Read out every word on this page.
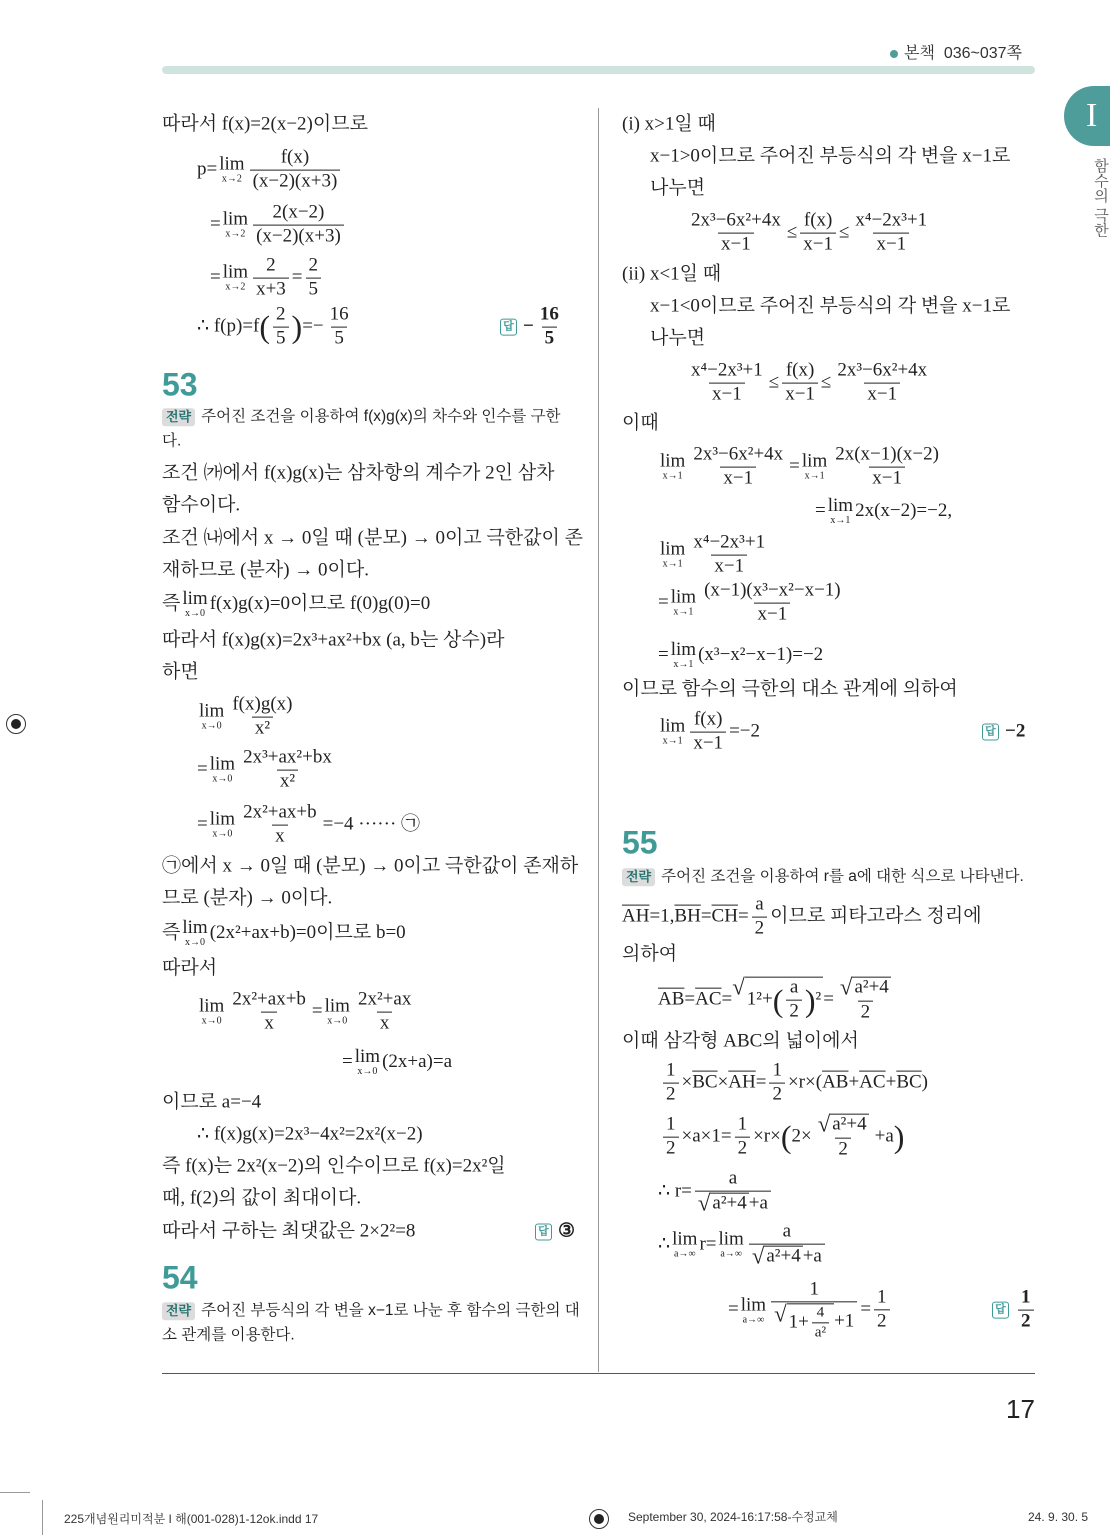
본책 036~037쪽
I
함수의 극한
17
따라서 f(x)=2(x−2)이므로
p= lim
$x\to 2 \frac{f(x)}{(x-2)(x+3)}$
= lim
$x\to 2 \frac{2(x-2)}{(x-2)(x+3)}$
= lim
$x\to 2 \frac{2}{x+3} = \frac{2}{5}$
∴ f(p)=f ( $\frac{2}{5}$ ) =− $\frac{16}{5}$	답 − $\frac{16}{5}$
53
전략 주어진 조건을 이용하여 f(x)g(x)의 차수와 인수를 구한
다.
조건 ㈎에서 f(x)g(x)는 삼차항의 계수가 2인 삼차
함수이다.
조건 ㈏에서 x → 0일 때 (분모) → 0이고 극한값이 존
재하므로 (분자) → 0이다.
즉 lim
x→0 f(x)g(x)=0이므로 f(0)g(0)=0
따라서 f(x)g(x)=2x³+ax²+bx (a, b는 상수)라
하면
lim
$x\to 0 \frac{f(x)g(x)}{\text{x²}}$
= lim
$x\to 0 \frac{\text{2x³+ax²+bx}}{\text{x²}}$
= lim
$x\to 0 \frac{\text{2x²+ax+b}}{x} =-4$ ······ ㉠
㉠에서 x → 0일 때 (분모) → 0이고 극한값이 존재하
므로 (분자) → 0이다.
즉 lim
x→0 (2x²+ax+b)=0이므로 b=0
따라서
lim
$x\to 0 \frac{\text{2x²+ax+b}}{x} = \lim$
$x\to 0 \frac{\text{2x²+ax}}{x}$
= lim
x→0 (2x+a)=a
이므로 a=−4
∴ f(x)g(x)=2x³−4x²=2x²(x−2)
즉 f(x)는 2x²(x−2)의 인수이므로 f(x)=2x²일
때, f(2)의 값이 최대이다.
따라서 구하는 최댓값은 2×2²=8	답 ③
54
전략 주어진 부등식의 각 변을 x−1로 나눈 후 함수의 극한의 대
소 관계를 이용한다.
(i) x>1일 때
x−1>0이므로 주어진 부등식의 각 변을 x−1로
나누면
$\frac{\text{2x³−6x²+4x}}{x-1} \le \frac{f(x)}{x-1} \le \frac{\text{x⁴−2x³+1}}{x-1}$
(ii) x<1일 때
x−1<0이므로 주어진 부등식의 각 변을 x−1로
나누면
$\frac{\text{x⁴−2x³+1}}{x-1} \le \frac{f(x)}{x-1} \le \frac{\text{2x³−6x²+4x}}{x-1}$
이때
lim
$x\to 1 \frac{\text{2x³−6x²+4x}}{x-1} = \lim$
$x\to 1 \frac{2x(x-1)(x-2)}{x-1}$
= lim
x→1 2x(x−2)=−2,
lim
$x\to 1 \frac{\text{x⁴−2x³+1}}{x-1}$
= lim
$x\to 1 \frac{\text{(x−1)(x³−x²−x−1)}}{x-1}$
= lim
x→1 (x³−x²−x−1)=−2
이므로 함수의 극한의 대소 관계에 의하여
lim
$x\to 1 \frac{f(x)}{x-1} =-2$	답 −2
55
전략 주어진 조건을 이용하여 r를 a에 대한 식으로 나타낸다.
$\overline{AH} =1$, $\overline{BH} = \overline{CH} = \frac{a}{2}$ 이므로 피타고라스 정리에
의하여
$\overline{AB} = \overline{AC}$ = √ 1²+ ( $\frac{a}{2}$ ) $^2 = \frac{\text{√ a²+4}}{2}$
이때 삼각형 ABC의 넓이에서
$\frac{1}{2} \times \overline{BC} \times \overline{AH} = \frac{1}{2} \times r\times$( $\overline{AB} + \overline{AC} + \overline{BC}$ )
$\frac{1}{2} \times a\times 1= \frac{1}{2} \times r\times$ ( $2\times \frac{\text{√ a²+4}}{2} +a$ )
∴ $r= \frac{a}{\text{√ a²+4 +a}}$
∴ lim
a→∞ r= lim
$a\to\infty \frac{a}{\text{√ a²+4 +a}}$
= lim
$a\to\infty \frac{1}{√ 1+ \frac{4}{\text{a²}} +1} = \frac{1}{2}$	답 $\frac{1}{2}$
225개념원리미적분 I 해(001-028)1-12ok.indd 17	September 30, 2024-16:17:58-수정교체	24. 9. 30. 5
